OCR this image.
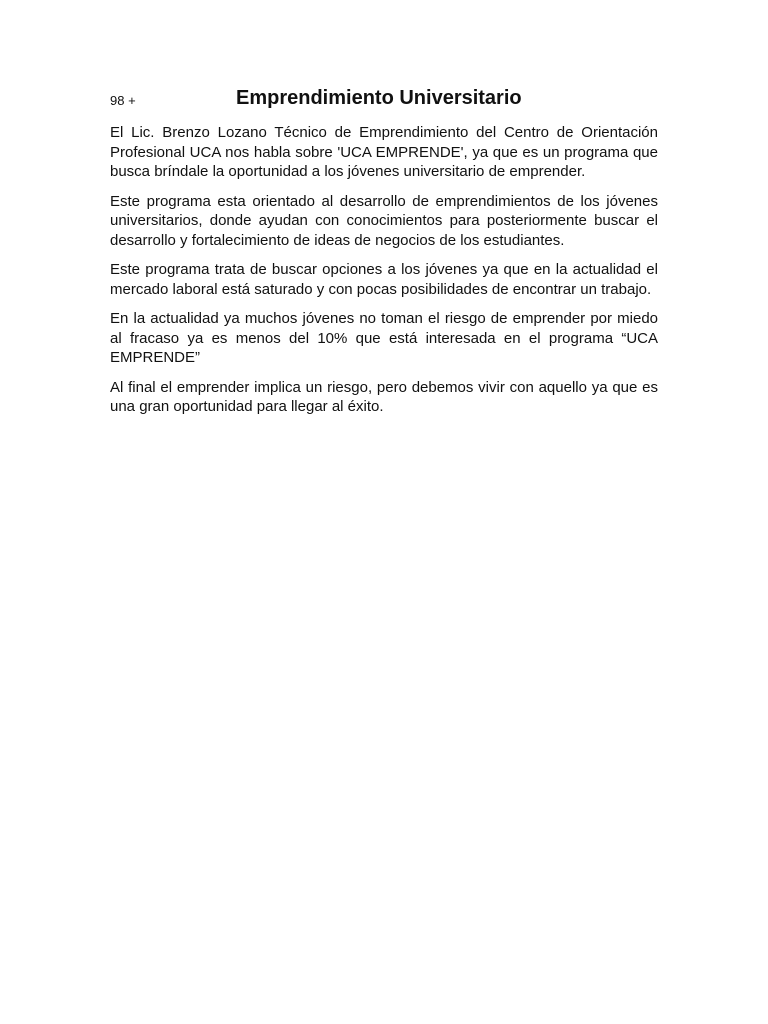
98 +	Emprendimiento Universitario

El Lic. Brenzo Lozano Técnico de Emprendimiento del Centro de Orientación Profesional UCA nos habla sobre 'UCA EMPRENDE', ya que es un programa que busca bríndale la oportunidad a los jóvenes universitario de emprender.

Este programa esta orientado al desarrollo de emprendimientos de los jóvenes universitarios, donde ayudan con conocimientos para posteriormente buscar el desarrollo y fortalecimiento de ideas de negocios de los estudiantes.

Este programa trata de buscar opciones a los jóvenes ya que en la actualidad el mercado laboral está saturado y con pocas posibilidades de encontrar un trabajo.

En la actualidad ya muchos jóvenes no toman el riesgo de emprender por miedo al fracaso ya es menos del 10% que está interesada en el programa “UCA EMPRENDE”

Al final el emprender implica un riesgo, pero debemos vivir con aquello ya que es una gran oportunidad para llegar al éxito.
